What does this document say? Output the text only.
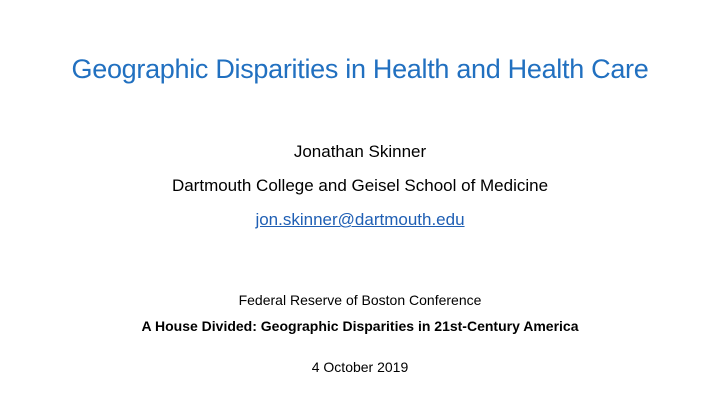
Geographic Disparities in Health and Health Care
Jonathan Skinner
Dartmouth College and Geisel School of Medicine
jon.skinner@dartmouth.edu
Federal Reserve of Boston Conference
A House Divided: Geographic Disparities in 21st-Century America
4 October 2019
